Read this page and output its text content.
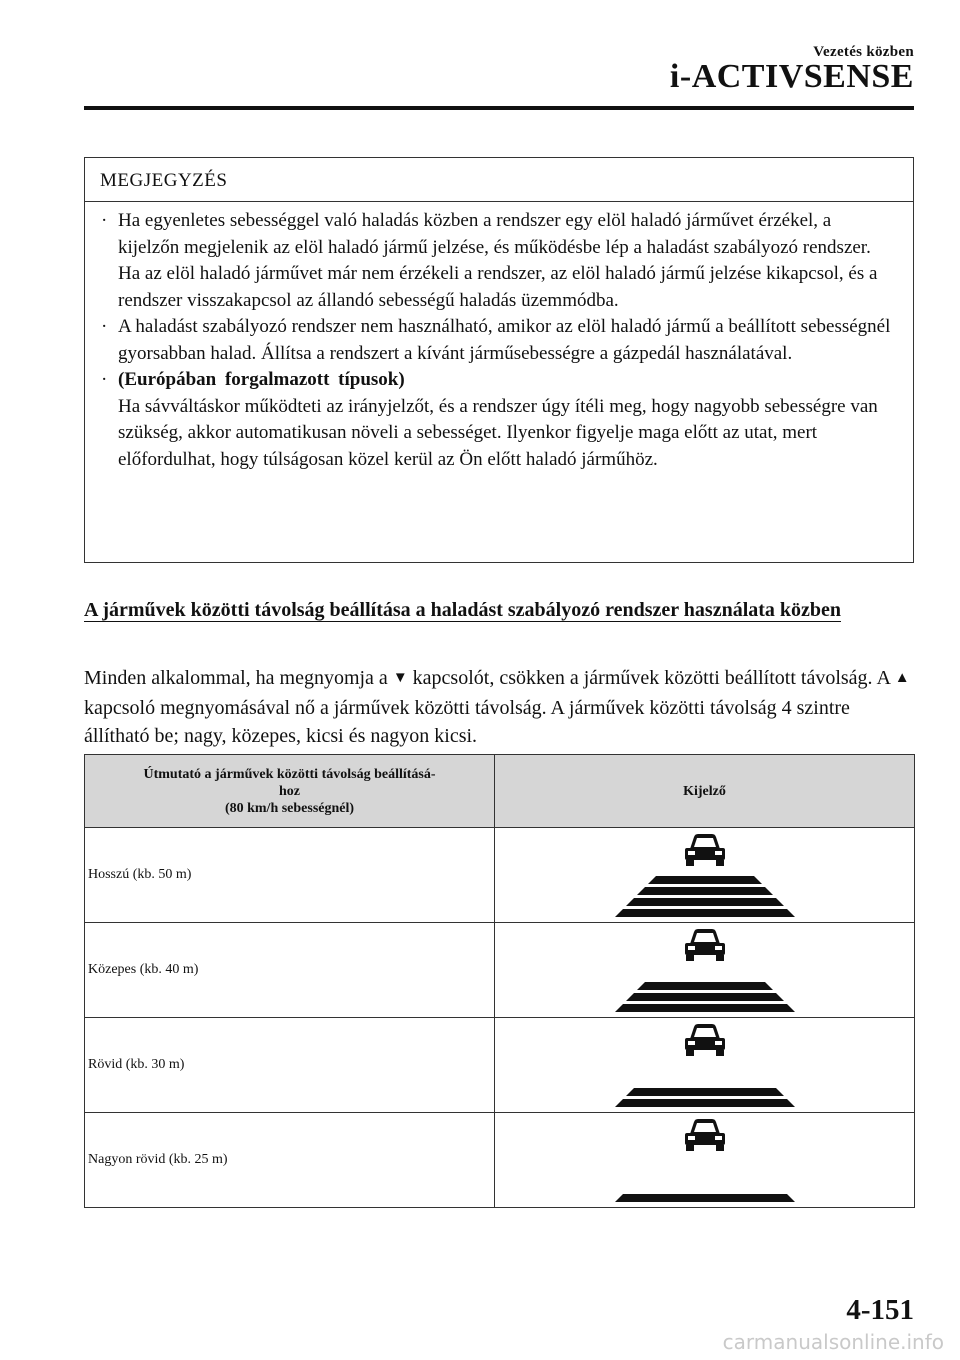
Vezetés közben
i-ACTIVSENSE
MEGJEGYZÉS
· Ha egyenletes sebességgel való haladás közben a rendszer egy elöl haladó járművet érzékel, a kijelzőn megjelenik az elöl haladó jármű jelzése, és működésbe lép a haladást szabályozó rendszer. Ha az elöl haladó járművet már nem érzékeli a rendszer, az elöl haladó jármű jelzése kikapcsol, és a rendszer visszakapcsol az állandó sebességű haladás üzemmódba.
· A haladást szabályozó rendszer nem használható, amikor az elöl haladó jármű a beállított sebességnél gyorsabban halad. Állítsa a rendszert a kívánt járműsebességre a gázpedál használatával.
· (Európában forgalmazott típusok)
Ha sávváltáskor működteti az irányjelzőt, és a rendszer úgy ítéli meg, hogy nagyobb sebességre van szükség, akkor automatikusan növeli a sebességet. Ilyenkor figyelje maga előtt az utat, mert előfordulhat, hogy túlságosan közel kerül az Ön előtt haladó járműhöz.
A járművek közötti távolság beállítása a haladást szabályozó rendszer használata közben
Minden alkalommal, ha megnyomja a ▼ kapcsolót, csökken a járművek közötti beállított távolság. A ▲ kapcsoló megnyomásával nő a járművek közötti távolság. A járművek közötti távolság 4 szintre állítható be; nagy, közepes, kicsi és nagyon kicsi.
Útmutató a járművek közötti távolság beállításá-
hoz
(80 km/h sebességnél)	Kijelző
Hosszú (kb. 50 m)	

Közepes (kb. 40 m)	

Rövid (kb. 30 m)	

Nagyon rövid (kb. 25 m)	
4-151
carmanualsonline.info
